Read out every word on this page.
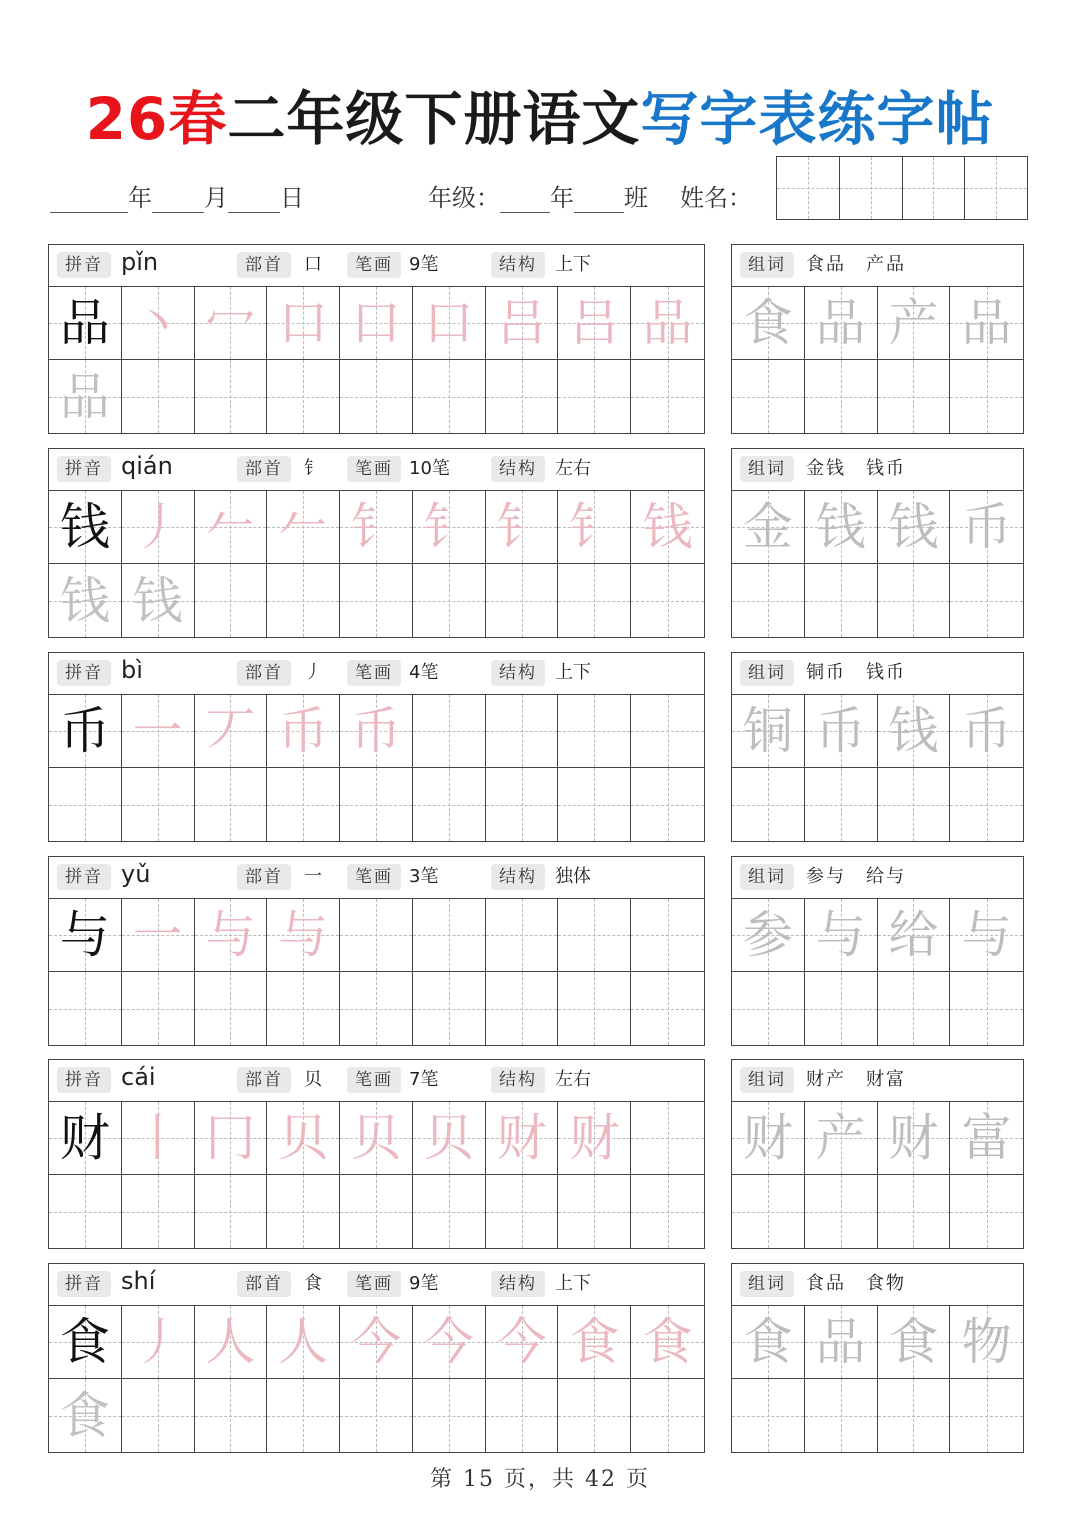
26春二年级下册语文写字表练字帖
年 月 日	年级： 年 班 姓名：
拼音 pǐn	部首	口	笔画 9笔	结构	上下
品 丶 冖 口 口 口 吕 吕 品
品
组词	食品　产品
食 品 产 品
拼音 qián	部首	钅	笔画 10笔	结构	左右
钱 丿 𠂉 𠂉 钅 钅 钅 钅 钱
钱 钱
组词	金钱　钱币
金 钱 钱 币
拼音 bì	部首	丿	笔画 4笔	结构	上下
币 一 丆 币 币
组词	铜币　钱币
铜 币 钱 币
拼音 yǔ	部首	一	笔画 3笔	结构	独体
与 一 与 与
组词	参与　给与
参 与 给 与
拼音 cái	部首	贝	笔画 7笔	结构	左右
财 丨 冂 贝 贝 贝 财 财
组词	财产　财富
财 产 财 富
拼音 shí	部首	食	笔画 9笔	结构	上下
食 丿 人 人 今 今 今 食 食
食
组词	食品　食物
食 品 食 物
第 15 页，共 42 页
